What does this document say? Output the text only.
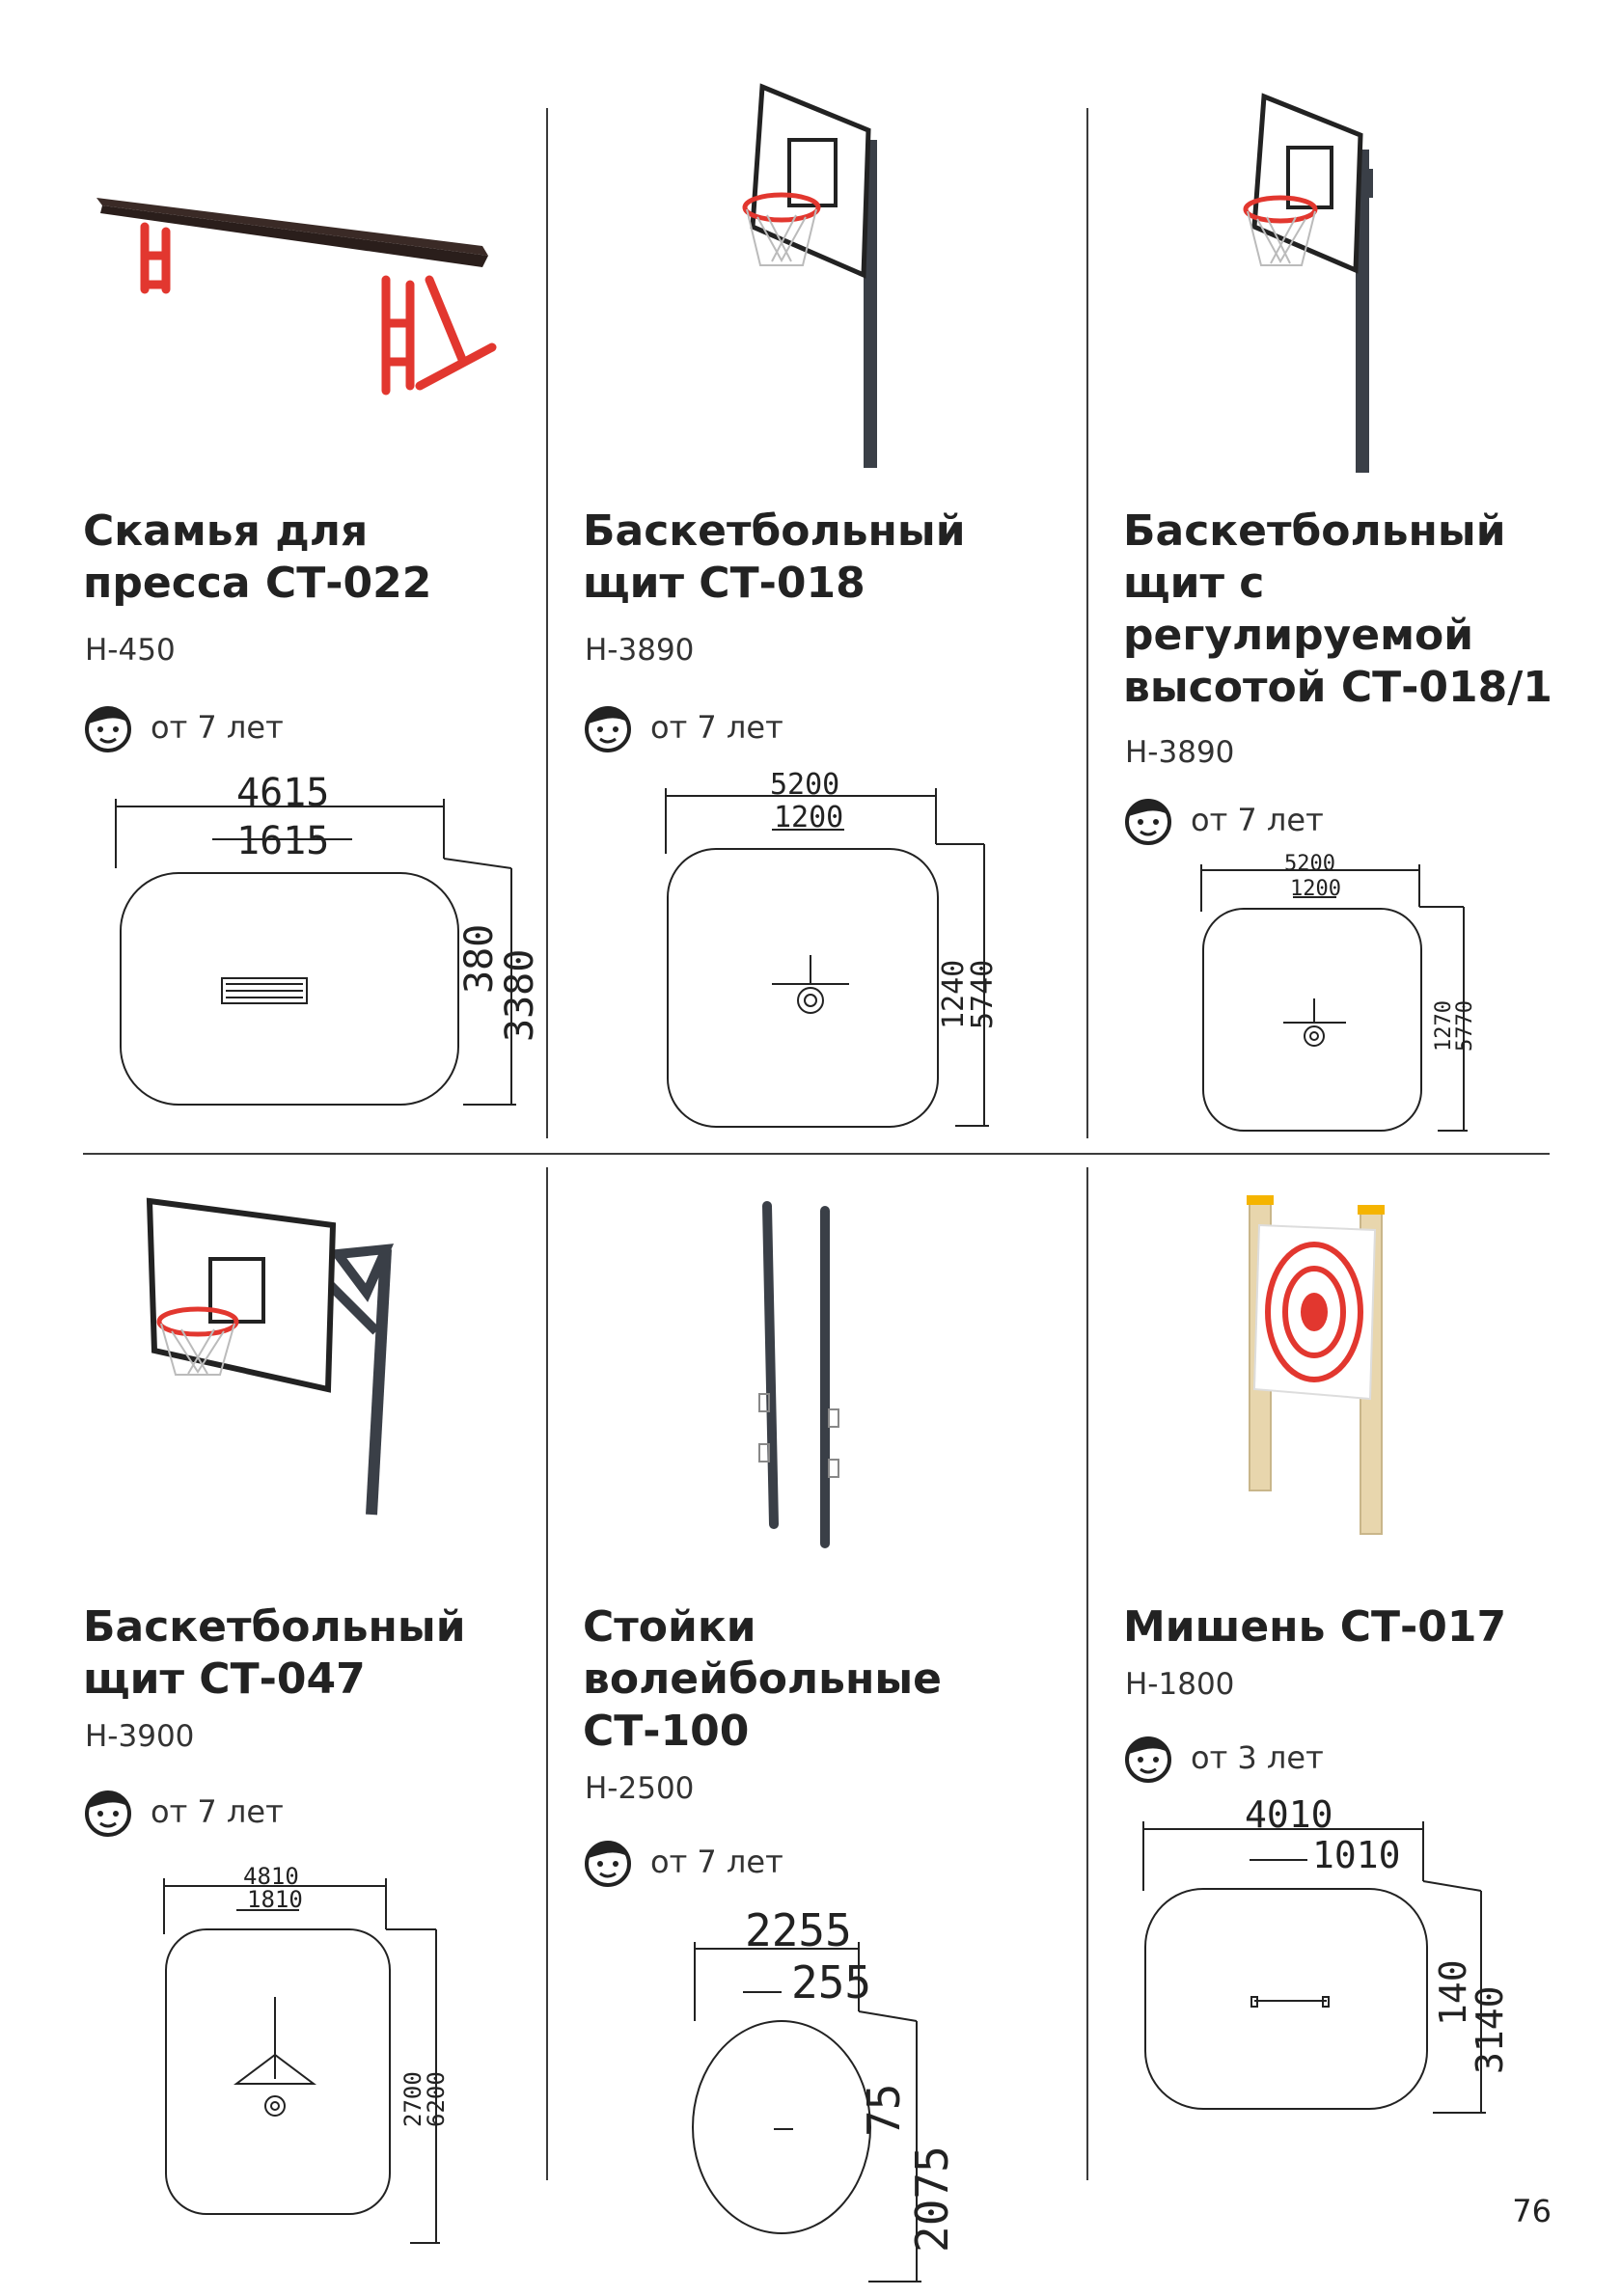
Скамья для
пресса СТ-022
H-450
от 7 лет
4615
1615
380
3380
Баскетбольный
щит СТ-018
H-3890
от 7 лет
5200
1200
1240
5740
Баскетбольный
щит с
регулируемой
высотой СТ-018/1
H-3890
от 7 лет
5200
1200
1270
5770
Баскетбольный
щит СТ-047
H-3900
от 7 лет
4810
1810
2700
6200
Стойки
волейбольные
СТ-100
H-2500
от 7 лет
2255
255
75
2075
Мишень СТ-017
H-1800
от 3 лет
4010
1010
140
3140
76
